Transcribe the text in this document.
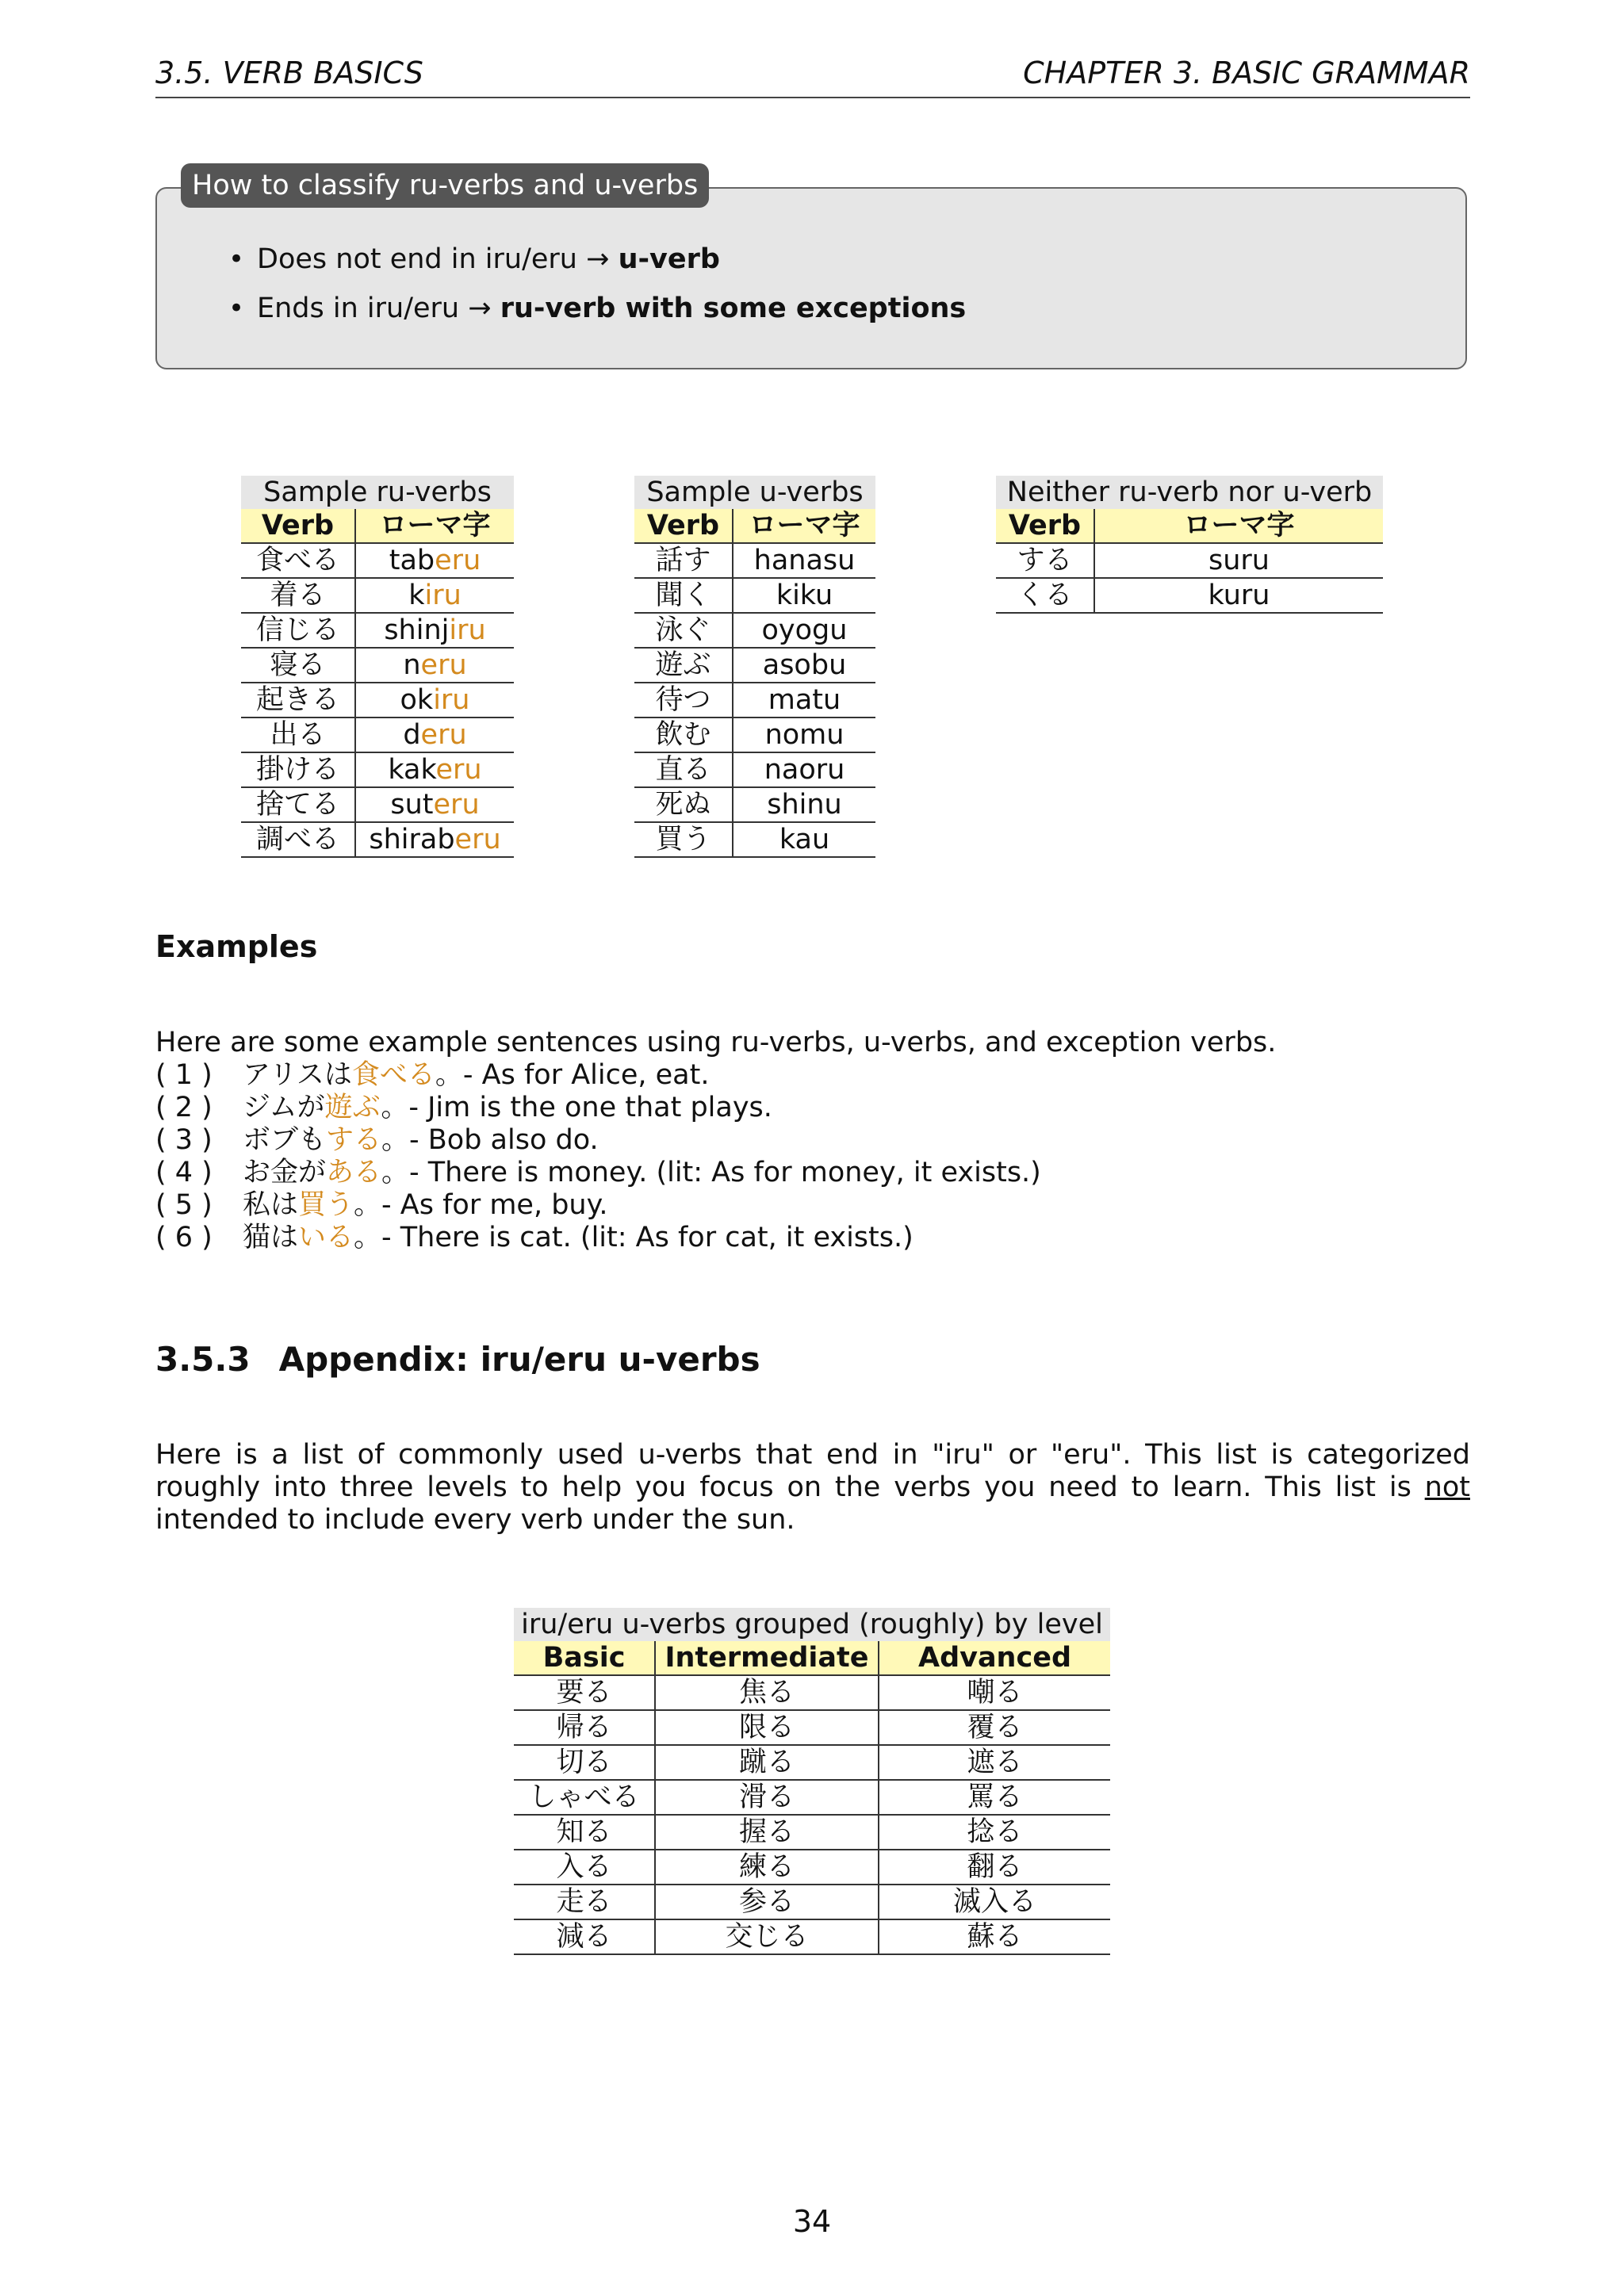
3.5. VERB BASICS	CHAPTER 3. BASIC GRAMMAR
• Does not end in iru/eru → u-verb
• Ends in iru/eru → ru-verb with some exceptions
How to classify ru-verbs and u-verbs
Sample ru-verbs
Verb	ローマ字
食べる	taberu
着る	kiru
信じる	shinjiru
寝る	neru
起きる	okiru
出る	deru
掛ける	kakeru
捨てる	suteru
調べる	shiraberu
Sample u-verbs
Verb	ローマ字
話す	hanasu
聞く	kiku
泳ぐ	oyogu
遊ぶ	asobu
待つ	matu
飲む	nomu
直る	naoru
死ぬ	shinu
買う	kau
Neither ru-verb nor u-verb
Verb	ローマ字
する	suru
くる	kuru
Examples
Here are some example sentences using ru-verbs, u-verbs, and exception verbs.
( 1 ) アリスは食べる。- As for Alice, eat.
( 2 ) ジムが遊ぶ。- Jim is the one that plays.
( 3 ) ボブもする。- Bob also do.
( 4 ) お金がある。- There is money. (lit: As for money, it exists.)
( 5 ) 私は買う。- As for me, buy.
( 6 ) 猫はいる。- There is cat. (lit: As for cat, it exists.)
3.5.3 Appendix: iru/eru u-verbs
Here is a list of commonly used u-verbs that end in "iru" or "eru". This list is categorized roughly into three levels to help you focus on the verbs you need to learn. This list is not intended to include every verb under the sun.
iru/eru u-verbs grouped (roughly) by level
Basic	Intermediate	Advanced
要る	焦る	嘲る
帰る	限る	覆る
切る	蹴る	遮る
しゃべる	滑る	罵る
知る	握る	捻る
入る	練る	翻る
走る	参る	滅入る
減る	交じる	蘇る
34
